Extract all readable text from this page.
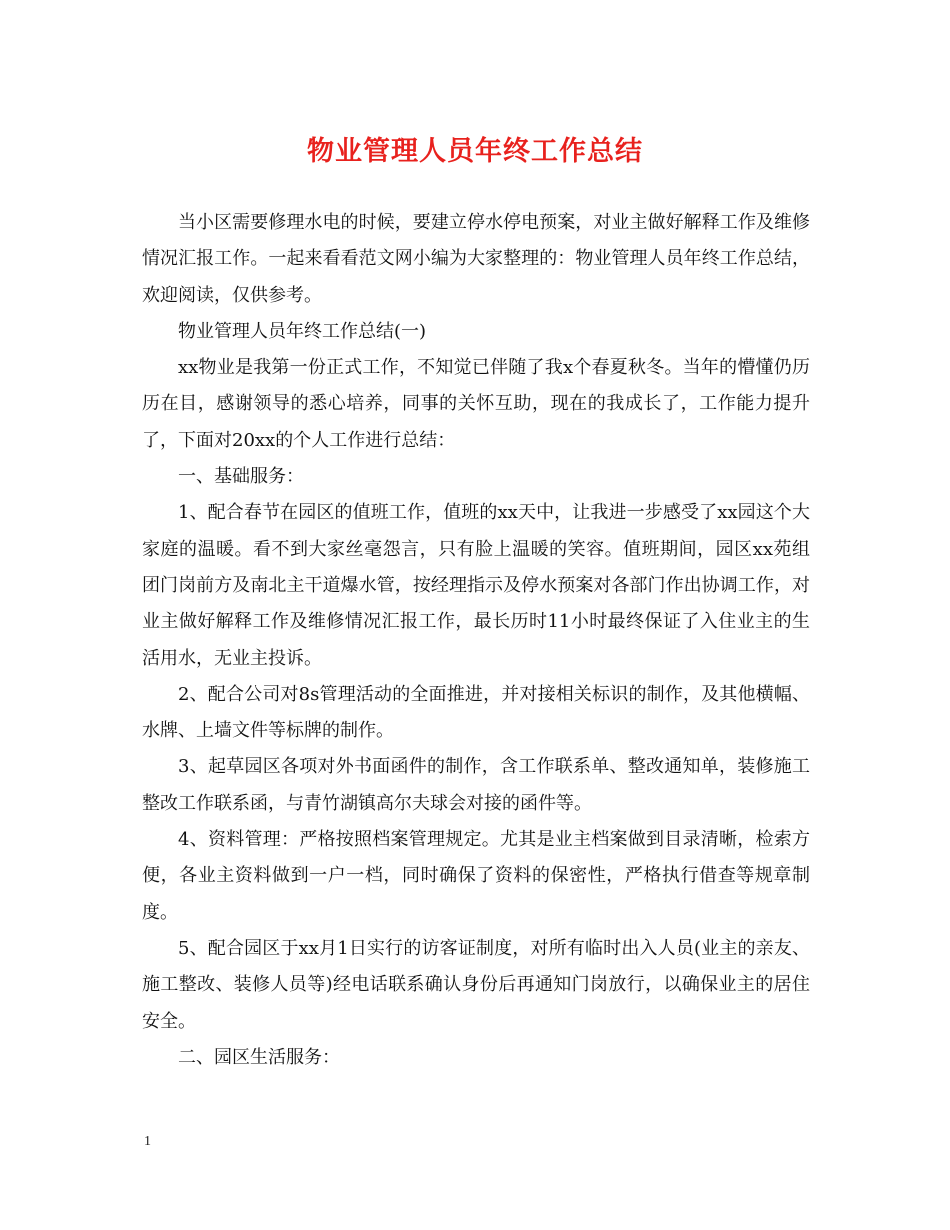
物业管理人员年终工作总结

当小区需要修理水电的时候，要建立停水停电预案，对业主做好解释工作及维修情况汇报工作。一起来看看范文网小编为大家整理的：物业管理人员年终工作总结，欢迎阅读，仅供参考。

物业管理人员年终工作总结(一)

xx物业是我第一份正式工作，不知觉已伴随了我x个春夏秋冬。当年的懵懂仍历历在目，感谢领导的悉心培养，同事的关怀互助，现在的我成长了，工作能力提升了，下面对20xx的个人工作进行总结：

一、基础服务：

1、配合春节在园区的值班工作，值班的xx天中，让我进一步感受了xx园这个大家庭的温暖。看不到大家丝毫怨言，只有脸上温暖的笑容。值班期间，园区xx苑组团门岗前方及南北主干道爆水管，按经理指示及停水预案对各部门作出协调工作，对业主做好解释工作及维修情况汇报工作，最长历时11小时最终保证了入住业主的生活用水，无业主投诉。

2、配合公司对8s管理活动的全面推进，并对接相关标识的制作，及其他横幅、水牌、上墙文件等标牌的制作。

3、起草园区各项对外书面函件的制作，含工作联系单、整改通知单，装修施工整改工作联系函，与青竹湖镇高尔夫球会对接的函件等。

4、资料管理：严格按照档案管理规定。尤其是业主档案做到目录清晰，检索方便，各业主资料做到一户一档，同时确保了资料的保密性，严格执行借查等规章制度。

5、配合园区于xx月1日实行的访客证制度，对所有临时出入人员(业主的亲友、施工整改、装修人员等)经电话联系确认身份后再通知门岗放行，以确保业主的居住安全。

二、园区生活服务：

1
